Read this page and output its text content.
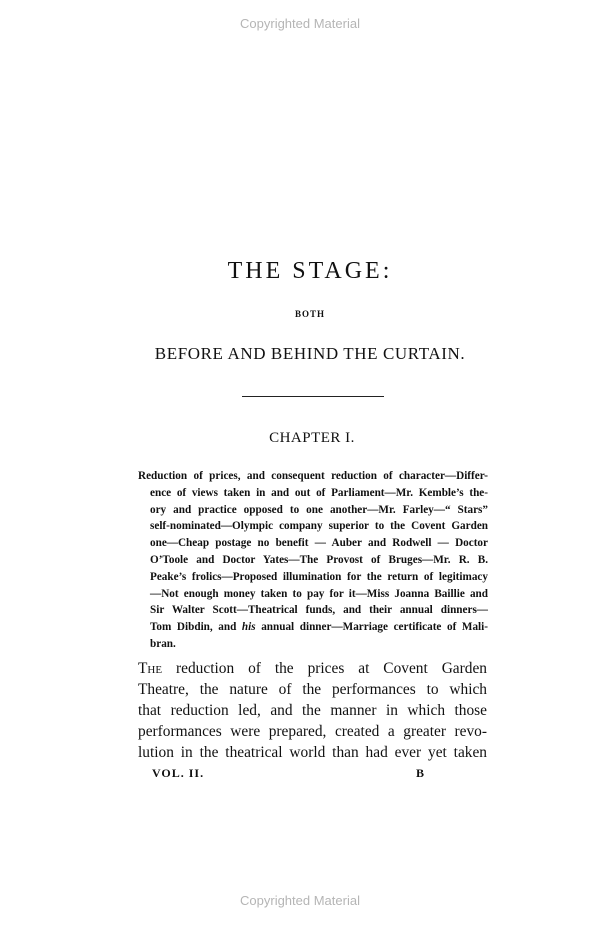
Copyrighted Material
THE STAGE:
BOTH
BEFORE AND BEHIND THE CURTAIN.
CHAPTER I.
Reduction of prices, and consequent reduction of character—Differ-
ence of views taken in and out of Parliament—Mr. Kemble’s the-
ory and practice opposed to one another—Mr. Farley—“ Stars”
self-nominated—Olympic company superior to the Covent Garden
one—Cheap postage no benefit — Auber and Rodwell — Doctor
O’Toole and Doctor Yates—The Provost of Bruges—Mr. R. B.
Peake’s frolics—Proposed illumination for the return of legitimacy
—Not enough money taken to pay for it—Miss Joanna Baillie and
Sir Walter Scott—Theatrical funds, and their annual dinners—
Tom Dibdin, and his annual dinner—Marriage certificate of Mali-
bran.
The reduction of the prices at Covent Garden
Theatre, the nature of the performances to which
that reduction led, and the manner in which those
performances were prepared, created a greater revo-
lution in the theatrical world than had ever yet taken
VOL. II.	B
Copyrighted Material
